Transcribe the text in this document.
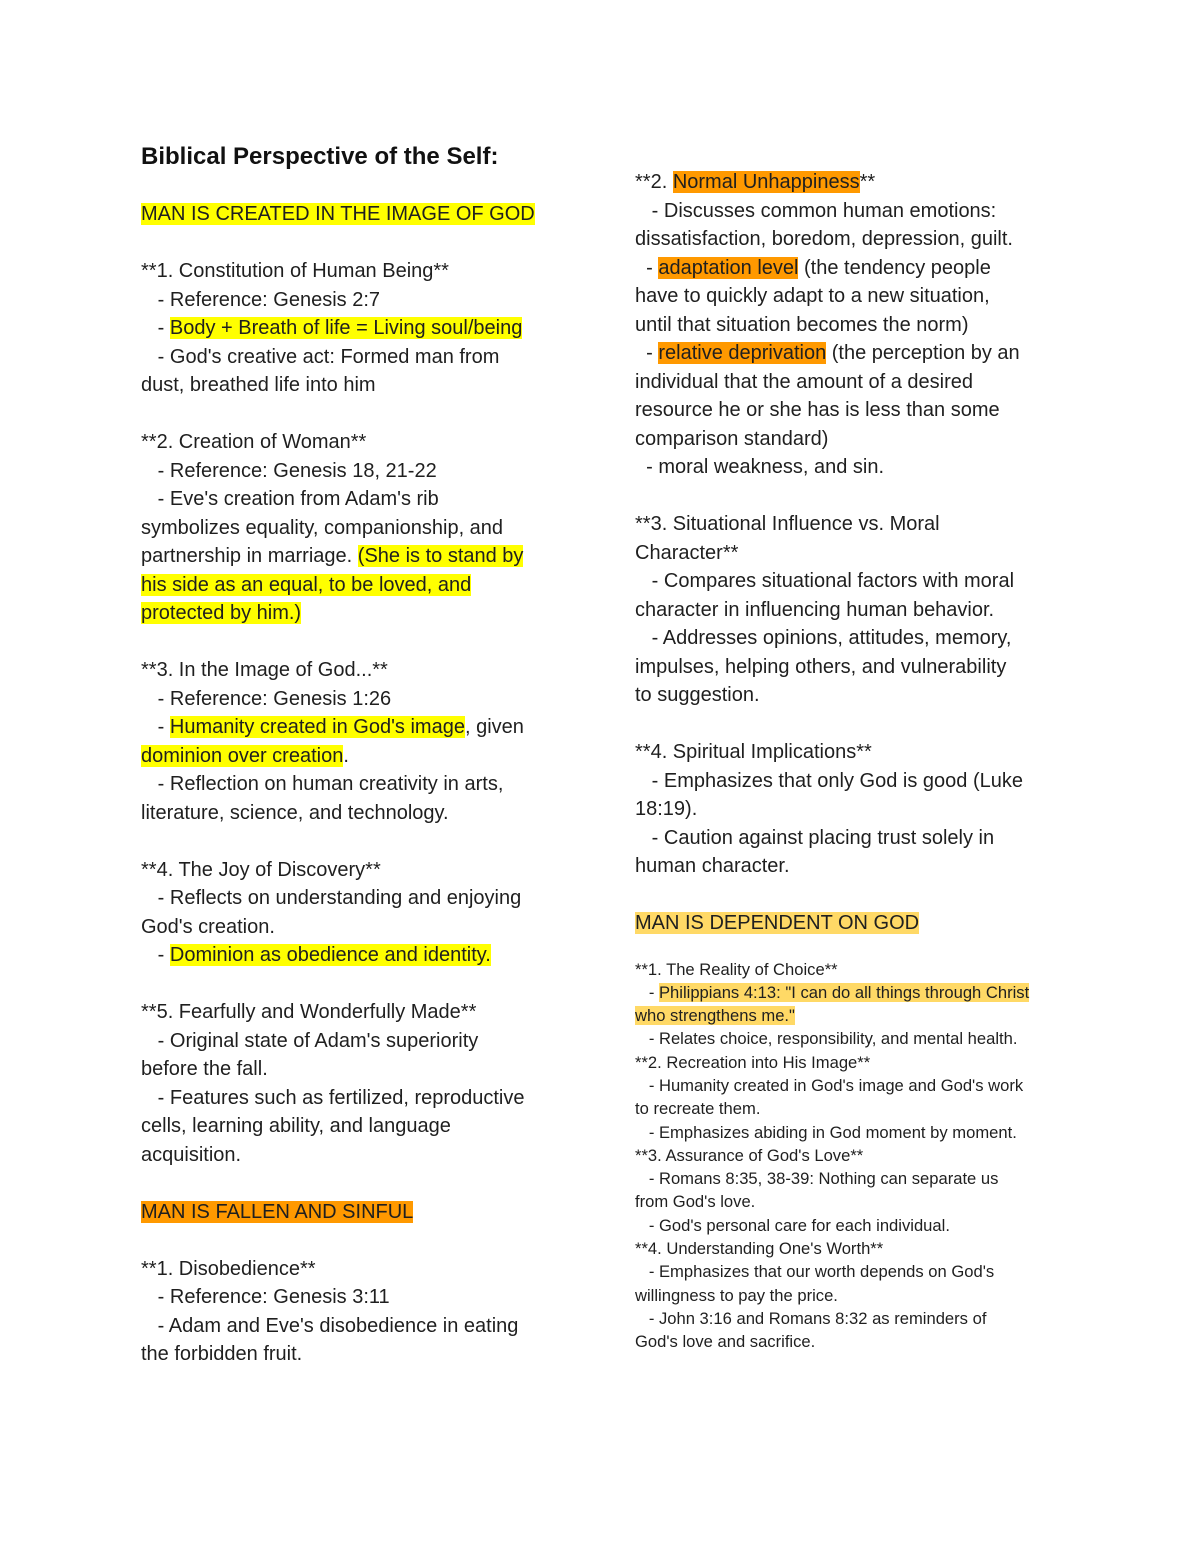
Biblical Perspective of the Self:

MAN IS CREATED IN THE IMAGE OF GOD

**1. Constitution of Human Being**

- Reference: Genesis 2:7

- Body + Breath of life = Living soul/being

- God's creative act: Formed man from

dust, breathed life into him

**2. Creation of Woman**

- Reference: Genesis 18, 21-22

- Eve's creation from Adam's rib

symbolizes equality, companionship, and

partnership in marriage. (She is to stand by

his side as an equal, to be loved, and

protected by him.)

**3. In the Image of God...**

- Reference: Genesis 1:26

- Humanity created in God's image, given

dominion over creation.

- Reflection on human creativity in arts,

literature, science, and technology.

**4. The Joy of Discovery**

- Reflects on understanding and enjoying

God's creation.

- Dominion as obedience and identity.

**5. Fearfully and Wonderfully Made**

- Original state of Adam's superiority

before the fall.

- Features such as fertilized, reproductive

cells, learning ability, and language

acquisition.

MAN IS FALLEN AND SINFUL

**1. Disobedience**

- Reference: Genesis 3:11

- Adam and Eve's disobedience in eating

the forbidden fruit.

**2. Normal Unhappiness**

- Discusses common human emotions:

dissatisfaction, boredom, depression, guilt.

- adaptation level (the tendency people

have to quickly adapt to a new situation,

until that situation becomes the norm)

- relative deprivation (the perception by an

individual that the amount of a desired

resource he or she has is less than some

comparison standard)

- moral weakness, and sin.

**3. Situational Influence vs. Moral

Character**

- Compares situational factors with moral

character in influencing human behavior.

- Addresses opinions, attitudes, memory,

impulses, helping others, and vulnerability

to suggestion.

**4. Spiritual Implications**

- Emphasizes that only God is good (Luke

18:19).

- Caution against placing trust solely in

human character.

MAN IS DEPENDENT ON GOD

**1. The Reality of Choice**

- Philippians 4:13: "I can do all things through Christ

who strengthens me."

- Relates choice, responsibility, and mental health.

**2. Recreation into His Image**

- Humanity created in God's image and God's work

to recreate them.

- Emphasizes abiding in God moment by moment.

**3. Assurance of God's Love**

- Romans 8:35, 38-39: Nothing can separate us

from God's love.

- God's personal care for each individual.

**4. Understanding One's Worth**

- Emphasizes that our worth depends on God's

willingness to pay the price.

- John 3:16 and Romans 8:32 as reminders of

God's love and sacrifice.
